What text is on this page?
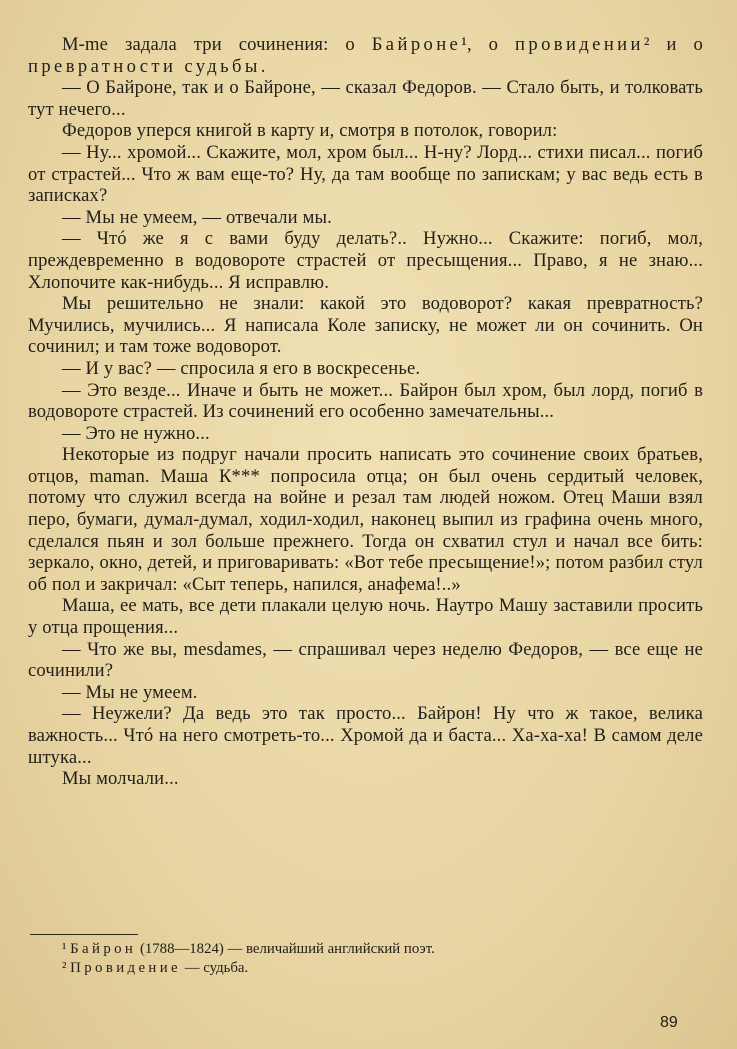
M-me задала три сочинения: о Байроне¹, о провидении² и о превратности судьбы.

— О Байроне, так и о Байроне, — сказал Федоров. — Стало быть, и толковать тут нечего...

Федоров уперся книгой в карту и, смотря в потолок, говорил:

— Ну... хромой... Скажите, мол, хром был... Н-ну? Лорд... стихи писал... погиб от страстей... Что ж вам еще-то? Ну, да там вообще по запискам; у вас ведь есть в записках?

— Мы не умеем, — отвечали мы.

— Чтó же я с вами буду делать?.. Нужно... Скажите: погиб, мол, преждевременно в водовороте страстей от пресыщения... Право, я не знаю... Хлопочите как-нибудь... Я исправлю.

Мы решительно не знали: какой это водоворот? какая превратность? Мучились, мучились... Я написала Коле записку, не может ли он сочинить. Он сочинил; и там тоже водоворот.

— И у вас? — спросила я его в воскресенье.

— Это везде... Иначе и быть не может... Байрон был хром, был лорд, погиб в водовороте страстей. Из сочинений его особенно замечательны...

— Это не нужно...

Некоторые из подруг начали просить написать это сочинение своих братьев, отцов, maman. Маша К*** попросила отца; он был очень сердитый человек, потому что служил всегда на войне и резал там людей ножом. Отец Маши взял перо, бумаги, думал-думал, ходил-ходил, наконец выпил из графина очень много, сделался пьян и зол больше прежнего. Тогда он схватил стул и начал все бить: зеркало, окно, детей, и приговаривать: «Вот тебе пресыщение!»; потом разбил стул об пол и закричал: «Сыт теперь, напился, анафема!..»

Маша, ее мать, все дети плакали целую ночь. Наутро Машу заставили просить у отца прощения...

— Что же вы, mesdames, — спрашивал через неделю Федоров, — все еще не сочинили?

— Мы не умеем.

— Неужели? Да ведь это так просто... Байрон! Ну что ж такое, велика важность... Чтó на него смотреть-то... Хромой да и баста... Ха-ха-ха! В самом деле штука...

Мы молчали...

¹ Байрон (1788—1824) — величайший английский поэт.
² Провидение — судьба.
89
